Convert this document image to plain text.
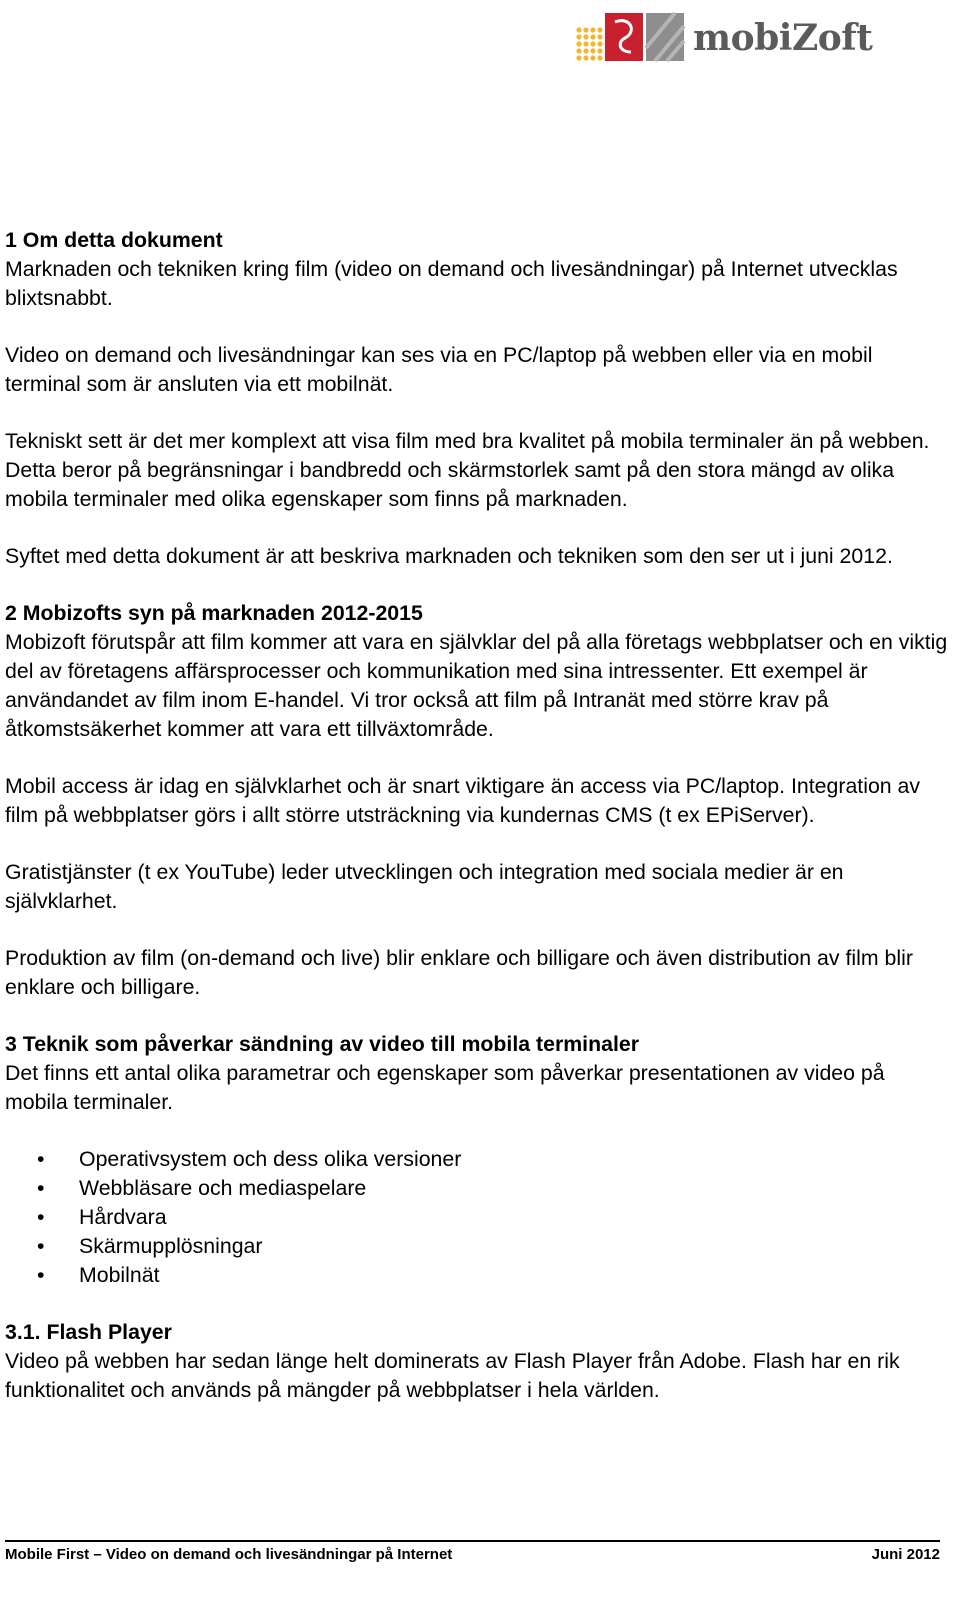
mobiZoft
1 Om detta dokument

Marknaden och tekniken kring film (video on demand och livesändningar) på Internet utvecklas blixtsnabbt.

Video on demand och livesändningar kan ses via en PC/laptop på webben eller via en mobil terminal som är ansluten via ett mobilnät.

Tekniskt sett är det mer komplext att visa film med bra kvalitet på mobila terminaler än på webben. Detta beror på begränsningar i bandbredd och skärmstorlek samt på den stora mängd av olika mobila terminaler med olika egenskaper som finns på marknaden.

Syftet med detta dokument är att beskriva marknaden och tekniken som den ser ut i juni 2012.

2 Mobizofts syn på marknaden 2012-2015

Mobizoft förutspår att film kommer att vara en självklar del på alla företags webbplatser och en viktig del av företagens affärsprocesser och kommunikation med sina intressenter. Ett exempel är användandet av film inom E-handel. Vi tror också att film på Intranät med större krav på åtkomstsäkerhet kommer att vara ett tillväxtområde.

Mobil access är idag en självklarhet och är snart viktigare än access via PC/laptop. Integration av film på webbplatser görs i allt större utsträckning via kundernas CMS (t ex EPiServer).

Gratistjänster (t ex YouTube) leder utvecklingen och integration med sociala medier är en självklarhet.

Produktion av film (on-demand och live) blir enklare och billigare och även distribution av film blir enklare och billigare.

3 Teknik som påverkar sändning av video till mobila terminaler

Det finns ett antal olika parametrar och egenskaper som påverkar presentationen av video på mobila terminaler.

• Operativsystem och dess olika versioner
• Webbläsare och mediaspelare
• Hårdvara
• Skärmupplösningar
• Mobilnät
3.1. Flash Player

Video på webben har sedan länge helt dominerats av Flash Player från Adobe. Flash har en rik funktionalitet och används på mängder på webbplatser i hela världen.

Mobile First – Video on demand och livesändningar på Internet	Juni 2012
